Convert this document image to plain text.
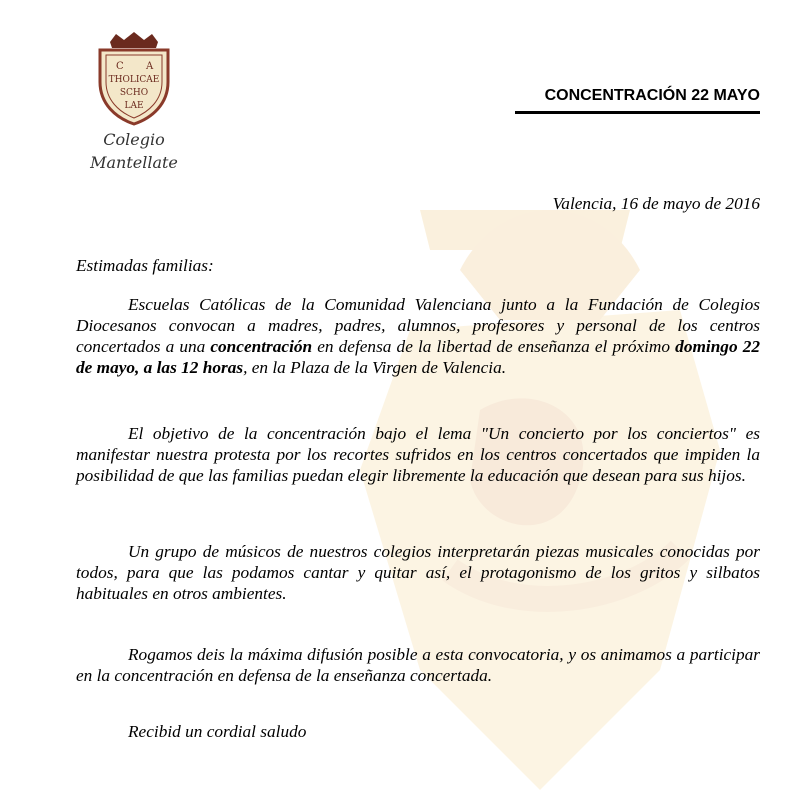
C A
THOLICAE
SCHO
LAE
Colegio
Mantellate
CONCENTRACIÓN 22 MAYO
Valencia, 16 de mayo de 2016
Estimadas familias:

Escuelas Católicas de la Comunidad Valenciana junto a la Fundación de Colegios Diocesanos convocan a madres, padres, alumnos, profesores y personal de los centros concertados a una concentración en defensa de la libertad de enseñanza el próximo domingo 22 de mayo, a las 12 horas, en la Plaza de la Virgen de Valencia.

El objetivo de la concentración bajo el lema "Un concierto por los conciertos" es manifestar nuestra protesta por los recortes sufridos en los centros concertados que impiden la posibilidad de que las familias puedan elegir libremente la educación que desean para sus hijos.

Un grupo de músicos de nuestros colegios interpretarán piezas musicales conocidas por todos, para que las podamos cantar y quitar así, el protagonismo de los gritos y silbatos habituales en otros ambientes.

Rogamos deis la máxima difusión posible a esta convocatoria, y os animamos a participar en la concentración en defensa de la enseñanza concertada.

Recibid un cordial saludo
